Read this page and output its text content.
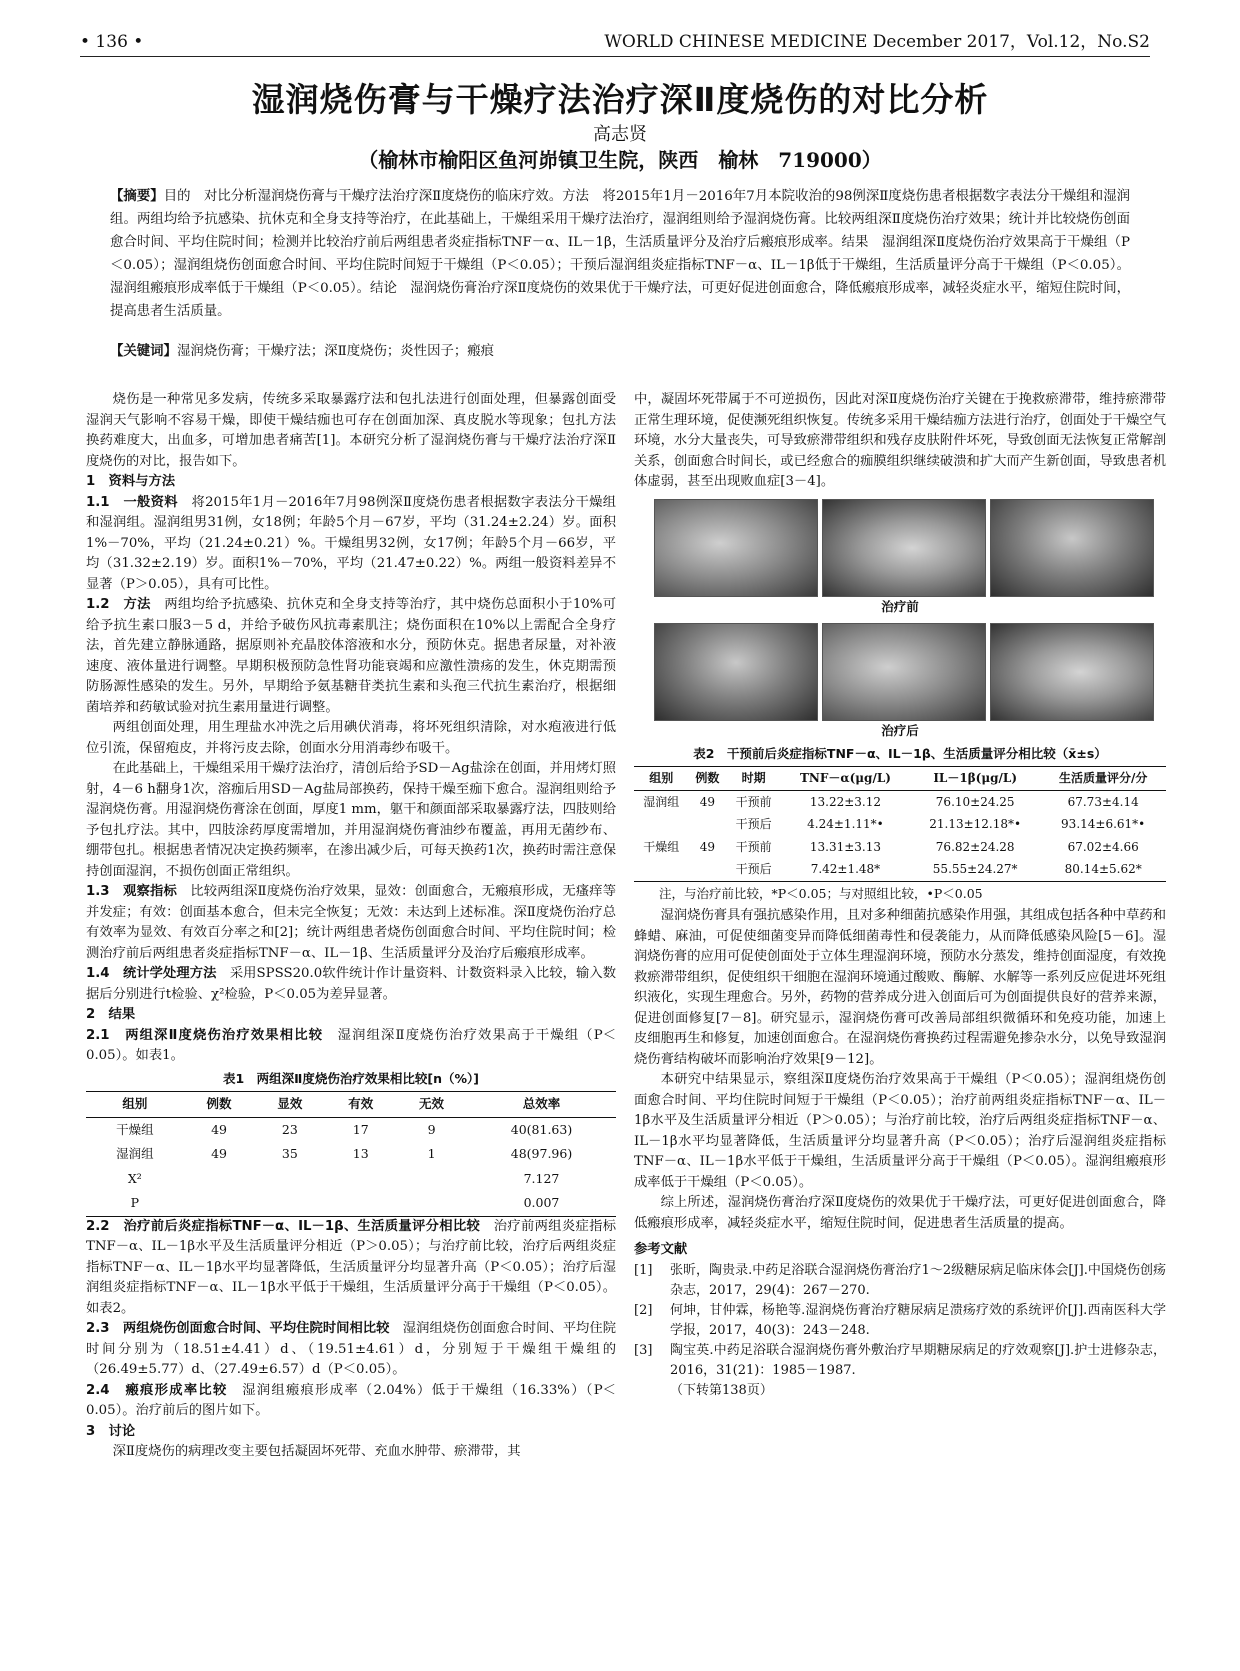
• 136 •	WORLD CHINESE MEDICINE December 2017，Vol.12，No.S2
湿润烧伤膏与干燥疗法治疗深Ⅱ度烧伤的对比分析
高志贤
（榆林市榆阳区鱼河峁镇卫生院，陕西　榆林　719000）
【摘要】目的　对比分析湿润烧伤膏与干燥疗法治疗深Ⅱ度烧伤的临床疗效。方法　将2015年1月－2016年7月本院收治的98例深Ⅱ度烧伤患者根据数字表法分干燥组和湿润组。两组均给予抗感染、抗休克和全身支持等治疗，在此基础上，干燥组采用干燥疗法治疗，湿润组则给予湿润烧伤膏。比较两组深Ⅱ度烧伤治疗效果；统计并比较烧伤创面愈合时间、平均住院时间；检测并比较治疗前后两组患者炎症指标TNF－α、IL－1β，生活质量评分及治疗后瘢痕形成率。结果　湿润组深Ⅱ度烧伤治疗效果高于干燥组（P＜0.05）；湿润组烧伤创面愈合时间、平均住院时间短于干燥组（P＜0.05）；干预后湿润组炎症指标TNF－α、IL－1β低于干燥组，生活质量评分高于干燥组（P＜0.05）。湿润组瘢痕形成率低于干燥组（P＜0.05）。结论　湿润烧伤膏治疗深Ⅱ度烧伤的效果优于干燥疗法，可更好促进创面愈合，降低瘢痕形成率，减轻炎症水平，缩短住院时间，提高患者生活质量。
【关键词】湿润烧伤膏；干燥疗法；深Ⅱ度烧伤；炎性因子；瘢痕

烧伤是一种常见多发病，传统多采取暴露疗法和包扎法进行创面处理，但暴露创面受湿润天气影响不容易干燥，即使干燥结痂也可存在创面加深、真皮脱水等现象；包扎方法换药难度大，出血多，可增加患者痛苦[1]。本研究分析了湿润烧伤膏与干燥疗法治疗深Ⅱ度烧伤的对比，报告如下。

1　资料与方法

1.1　一般资料　 将2015年1月－2016年7月98例深Ⅱ度烧伤患者根据数字表法分干燥组和湿润组。湿润组男31例，女18例；年龄5个月－67岁，平均（31.24±2.24）岁。面积1%－70%，平均（21.24±0.21）%。干燥组男32例，女17例；年龄5个月－66岁，平均（31.32±2.19）岁。面积1%－70%，平均（21.47±0.22）%。两组一般资料差异不显著（P＞0.05），具有可比性。

1.2　方法　 两组均给予抗感染、抗休克和全身支持等治疗，其中烧伤总面积小于10%可给予抗生素口服3－5 d，并给予破伤风抗毒素肌注；烧伤面积在10%以上需配合全身疗法，首先建立静脉通路，据原则补充晶胶体溶液和水分，预防休克。据患者尿量，对补液速度、液体量进行调整。早期积极预防急性肾功能衰竭和应激性溃疡的发生，休克期需预防肠源性感染的发生。另外，早期给予氨基糖苷类抗生素和头孢三代抗生素治疗，根据细菌培养和药敏试验对抗生素用量进行调整。

两组创面处理，用生理盐水冲洗之后用碘伏消毒，将坏死组织清除，对水疱液进行低位引流，保留疱皮，并将污皮去除，创面水分用消毒纱布吸干。

在此基础上，干燥组采用干燥疗法治疗，清创后给予SD－Ag盐涂在创面，并用烤灯照射，4－6 h翻身1次，溶痂后用SD－Ag盐局部换药，保持干燥至痂下愈合。湿润组则给予湿润烧伤膏。用湿润烧伤膏涂在创面，厚度1 mm，躯干和颜面部采取暴露疗法，四肢则给予包扎疗法。其中，四肢涂药厚度需增加，并用湿润烧伤膏油纱布覆盖，再用无菌纱布、绷带包扎。根据患者情况决定换药频率，在渗出减少后，可每天换药1次，换药时需注意保持创面湿润，不损伤创面正常组织。

1.3　观察指标　 比较两组深Ⅱ度烧伤治疗效果，显效：创面愈合，无瘢痕形成，无瘙痒等并发症；有效：创面基本愈合，但未完全恢复；无效：未达到上述标准。深Ⅱ度烧伤治疗总有效率为显效、有效百分率之和[2]；统计两组患者烧伤创面愈合时间、平均住院时间；检测治疗前后两组患者炎症指标TNF－α、IL－1β、生活质量评分及治疗后瘢痕形成率。

1.4　统计学处理方法　 采用SPSS20.0软件统计作计量资料、计数资料录入比较，输入数据后分别进行t检验、χ²检验，P＜0.05为差异显著。

2　结果

2.1　两组深Ⅱ度烧伤治疗效果相比较　 湿润组深Ⅱ度烧伤治疗效果高于干燥组（P＜0.05）。如表1。

表1　两组深Ⅱ度烧伤治疗效果相比较[n（%）]
组别	例数	显效	有效	无效	总效率
干燥组	49	23	17	9	40(81.63)
湿润组	49	35	13	1	48(97.96)
X²					7.127
P					0.007

2.2　治疗前后炎症指标TNF－α、IL－1β、生活质量评分相比较　 治疗前两组炎症指标TNF－α、IL－1β水平及生活质量评分相近（P＞0.05）；与治疗前比较，治疗后两组炎症指标TNF－α、IL－1β水平均显著降低，生活质量评分均显著升高（P＜0.05）；治疗后湿润组炎症指标TNF－α、IL－1β水平低于干燥组，生活质量评分高于干燥组（P＜0.05）。如表2。

2.3　两组烧伤创面愈合时间、平均住院时间相比较　 湿润组烧伤创面愈合时间、平均住院时间分别为（18.51±4.41）d、（19.51±4.61）d，分别短于干燥组干燥组的（26.49±5.77）d、（27.49±6.57）d（P＜0.05）。

2.4　瘢痕形成率比较　 湿润组瘢痕形成率（2.04%）低于干燥组（16.33%）（P＜0.05）。治疗前后的图片如下。

3　讨论

深Ⅱ度烧伤的病理改变主要包括凝固坏死带、充血水肿带、瘀滞带，其

中，凝固坏死带属于不可逆损伤，因此对深Ⅱ度烧伤治疗关键在于挽救瘀滞带，维持瘀滞带正常生理环境，促使濒死组织恢复。传统多采用干燥结痂方法进行治疗，创面处于干燥空气环境，水分大量丧失，可导致瘀滞带组织和残存皮肤附件坏死，导致创面无法恢复正常解剖关系，创面愈合时间长，或已经愈合的痂膜组织继续破溃和扩大而产生新创面，导致患者机体虚弱，甚至出现败血症[3－4]。

治疗前
治疗后
表2　干预前后炎症指标TNF－α、IL－1β、生活质量评分相比较（x̄±s）
组别	例数	时期	TNF－α(μg/L)	IL－1β(μg/L)	生活质量评分/分
湿润组	49	干预前	13.22±3.12	76.10±24.25	67.73±4.14
		干预后	4.24±1.11*•	21.13±12.18*•	93.14±6.61*•
干燥组	49	干预前	13.31±3.13	76.82±24.28	67.02±4.66
		干预后	7.42±1.48*	55.55±24.27*	80.14±5.62*
注，与治疗前比较，*P＜0.05；与对照组比较，•P＜0.05

湿润烧伤膏具有强抗感染作用，且对多种细菌抗感染作用强，其组成包括各种中草药和蜂蜡、麻油，可促使细菌变异而降低细菌毒性和侵袭能力，从而降低感染风险[5－6]。湿润烧伤膏的应用可促使创面处于立体生理湿润环境，预防水分蒸发，维持创面湿度，有效挽救瘀滞带组织，促使组织干细胞在湿润环境通过酸败、酶解、水解等一系列反应促进坏死组织液化，实现生理愈合。另外，药物的营养成分进入创面后可为创面提供良好的营养来源，促进创面修复[7－8]。研究显示，湿润烧伤膏可改善局部组织微循环和免疫功能，加速上皮细胞再生和修复，加速创面愈合。在湿润烧伤膏换药过程需避免掺杂水分，以免导致湿润烧伤膏结构破坏而影响治疗效果[9－12]。

本研究中结果显示，察组深Ⅱ度烧伤治疗效果高于干燥组（P＜0.05）；湿润组烧伤创面愈合时间、平均住院时间短于干燥组（P＜0.05）；治疗前两组炎症指标TNF－α、IL－1β水平及生活质量评分相近（P＞0.05）；与治疗前比较，治疗后两组炎症指标TNF－α、IL－1β水平均显著降低，生活质量评分均显著升高（P＜0.05）；治疗后湿润组炎症指标TNF－α、IL－1β水平低于干燥组，生活质量评分高于干燥组（P＜0.05）。湿润组瘢痕形成率低于干燥组（P＜0.05）。

综上所述，湿润烧伤膏治疗深Ⅱ度烧伤的效果优于干燥疗法，可更好促进创面愈合，降低瘢痕形成率，减轻炎症水平，缩短住院时间，促进患者生活质量的提高。

参考文献
[1]	张昕，陶贵录.中药足浴联合湿润烧伤膏治疗1～2级糖尿病足临床体会[J].中国烧伤创疡杂志，2017，29(4)：267－270.
[2]	何坤，甘仲霖，杨艳等.湿润烧伤膏治疗糖尿病足溃疡疗效的系统评价[J].西南医科大学学报，2017，40(3)：243－248.
[3]	陶宝英.中药足浴联合湿润烧伤膏外敷治疗早期糖尿病足的疗效观察[J].护士进修杂志，2016，31(21)：1985－1987.
（下转第138页）
